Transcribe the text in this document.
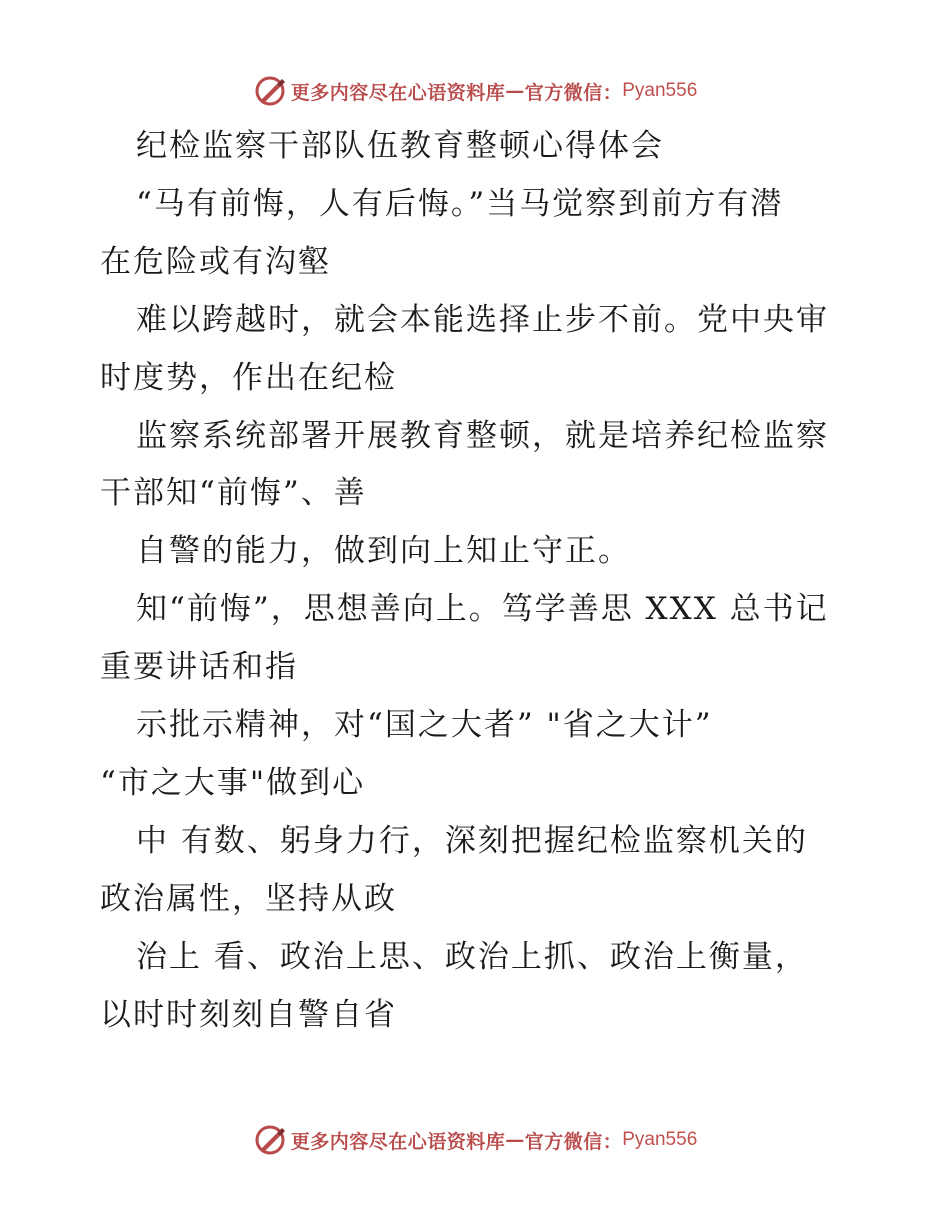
更多内容尽在心语资料库 — 官方微信： Pyan556
纪检监察干部队伍教育整顿心得体会
“马有前悔，人有后悔。”当马觉察到前方有潜
在危险或有沟壑
难以跨越时，就会本能选择止步不前。党中央审
时度势，作出在纪检
监察系统部署开展教育整顿，就是培养纪检监察
干部知“前悔”、善
自警的能力，做到向上知止守正。
知“前悔”，思想善向上。笃学善思 XXX 总书记
重要讲话和指
示批示精神，对“国之大者” "省之大计”
“市之大事"做到心
中 有数、躬身力行，深刻把握纪检监察机关的
政治属性，坚持从政
治上 看、政治上思、政治上抓、政治上衡量，
以时时刻刻自警自省
更多内容尽在心语资料库 — 官方微信： Pyan556
